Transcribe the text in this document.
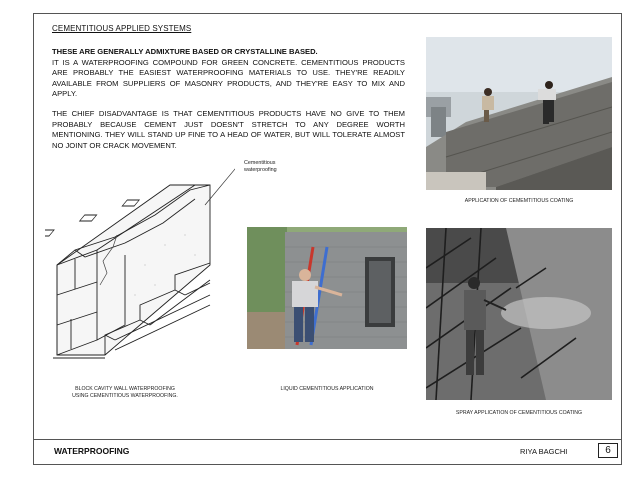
CEMENTITIOUS APPLIED SYSTEMS

THESE ARE GENERALLY ADMIXTURE BASED OR CRYSTALLINE BASED.

IT IS A WATERPROOFING COMPOUND FOR GREEN CONCRETE. CEMENTITIOUS PRODUCTS ARE PROBABLY THE EASIEST WATERPROOFING MATERIALS TO USE. THEY'RE READILY AVAILABLE FROM SUPPLIERS OF MASONRY PRODUCTS, AND THEY'RE EASY TO MIX AND APPLY.

THE CHIEF DISADVANTAGE IS THAT CEMENTITIOUS PRODUCTS HAVE NO GIVE TO THEM PROBABLY BECAUSE CEMENT JUST DOESN'T STRETCH TO ANY DEGREE WORTH MENTIONING. THEY WILL STAND UP FINE TO A HEAD OF WATER, BUT WILL TOLERATE ALMOST NO JOINT OR CRACK MOVEMENT.

Cementitious waterproofing
APPLICATION OF CEMEMTITIOUS COATING
LIQUID CEMENTITIOUS APPLICATION
SPRAY APPLICATION OF CEMENTITIOUS COATING
BLOCK CAVITY WALL WATERPROOFING USING CEMENTITIOUS WATERPROOFING.
WATERPROOFING	RIYA BAGCHI	6
